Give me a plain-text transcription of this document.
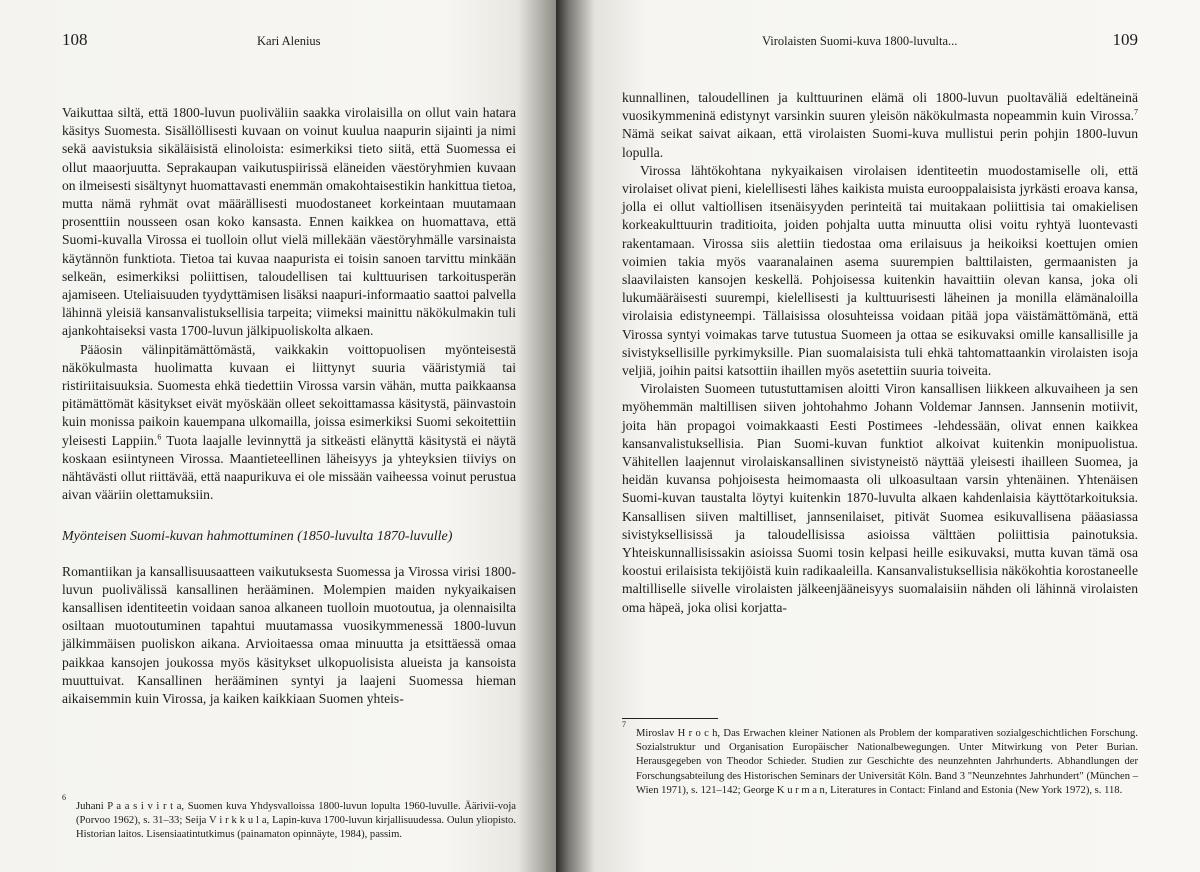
108	Kari Alenius

Vaikuttaa siltä, että 1800-luvun puoliväliin saakka virolaisilla on ollut vain hatara käsitys Suomesta. Sisällöllisesti kuvaan on voinut kuulua naapurin sijainti ja nimi sekä aavistuksia sikäläisistä elinoloista: esimerkiksi tieto siitä, että Suomessa ei ollut maaorjuutta. Seprakaupan vaikutuspiirissä eläneiden väestöryhmien kuvaan on ilmeisesti sisältynyt huomattavasti enemmän omakohtaisestikin hankittua tietoa, mutta nämä ryhmät ovat määrällisesti muodostaneet korkeintaan muutamaan prosenttiin nousseen osan koko kansasta. Ennen kaikkea on huomattava, että Suomi-kuvalla Virossa ei tuolloin ollut vielä millekään väestöryhmälle varsinaista käytännön funktiota. Tietoa tai kuvaa naapurista ei toisin sanoen tarvittu minkään selkeän, esimerkiksi poliittisen, taloudellisen tai kulttuurisen tarkoitusperän ajamiseen. Uteliaisuuden tyydyttämisen lisäksi naapuri-informaatio saattoi palvella lähinnä yleisiä kansanvalistuksellisia tarpeita; viimeksi mainittu näkökulmakin tuli ajankohtaiseksi vasta 1700-luvun jälkipuoliskolta alkaen.

Pääosin välinpitämättömästä, vaikkakin voittopuolisen myönteisestä näkökulmasta huolimatta kuvaan ei liittynyt suuria vääristymiä tai ristiriitaisuuksia. Suomesta ehkä tiedettiin Virossa varsin vähän, mutta paikkaansa pitämättömät käsitykset eivät myöskään olleet sekoittamassa käsitystä, päinvastoin kuin monissa paikoin kauempana ulkomailla, joissa esimerkiksi Suomi sekoitettiin yleisesti Lappiin.$^6$ Tuota laajalle levinnyttä ja sitkeästi elänyttä käsitystä ei näytä koskaan esiintyneen Virossa. Maantieteellinen läheisyys ja yhteyksien tiiviys on nähtävästi ollut riittävää, että naapurikuva ei ole missään vaiheessa voinut perustua aivan vääriin olettamuksiin.

Myönteisen Suomi-kuvan hahmottuminen (1850-luvulta 1870-luvulle)

Romantiikan ja kansallisuusaatteen vaikutuksesta Suomessa ja Virossa virisi 1800-luvun puolivälissä kansallinen herääminen. Molempien maiden nykyaikaisen kansallisen identiteetin voidaan sanoa alkaneen tuolloin muotoutua, ja olennaisilta osiltaan muotoutuminen tapahtui muutamassa vuosikymmenessä 1800-luvun jälkimmäisen puoliskon aikana. Arvioitaessa omaa minuutta ja etsittäessä omaa paikkaa kansojen joukossa myös käsitykset ulkopuolisista alueista ja kansoista muuttuivat. Kansallinen herääminen syntyi ja laajeni Suomessa hieman aikaisemmin kuin Virossa, ja kaiken kaikkiaan Suomen yhteis-

6
Juhani P a a s i v i r t a, Suomen kuva Yhdysvalloissa 1800-luvun lopulta 1960-luvulle. Äärivii-voja (Porvoo 1962), s. 31–33; Seija V i r k k u l a, Lapin-kuva 1700-luvun kirjallisuudessa. Oulun yliopisto. Historian laitos. Lisensiaatintutkimus (painamaton opinnäyte, 1984), passim.
Virolaisten Suomi-kuva 1800-luvulta...	109

kunnallinen, taloudellinen ja kulttuurinen elämä oli 1800-luvun puoltaväliä edeltäneinä vuosikymmeninä edistynyt varsinkin suuren yleisön näkökulmasta nopeammin kuin Virossa.$^7$ Nämä seikat saivat aikaan, että virolaisten Suomi-kuva mullistui perin pohjin 1800-luvun lopulla.

Virossa lähtökohtana nykyaikaisen virolaisen identiteetin muodostamiselle oli, että virolaiset olivat pieni, kielellisesti lähes kaikista muista eurooppalaisista jyrkästi eroava kansa, jolla ei ollut valtiollisen itsenäisyyden perinteitä tai muitakaan poliittisia tai omakielisen korkeakulttuurin traditioita, joiden pohjalta uutta minuutta olisi voitu ryhtyä luontevasti rakentamaan. Virossa siis alettiin tiedostaa oma erilaisuus ja heikoiksi koettujen omien voimien takia myös vaaranalainen asema suurempien balttilaisten, germaanisten ja slaavilaisten kansojen keskellä. Pohjoisessa kuitenkin havaittiin olevan kansa, joka oli lukumääräisesti suurempi, kielellisesti ja kulttuurisesti läheinen ja monilla elämänaloilla virolaisia edistyneempi. Tällaisissa olosuhteissa voidaan pitää jopa väistämättömänä, että Virossa syntyi voimakas tarve tutustua Suomeen ja ottaa se esikuvaksi omille kansallisille ja sivistyksellisille pyrkimyksille. Pian suomalaisista tuli ehkä tahtomattaankin virolaisten isoja veljiä, joihin paitsi katsottiin ihaillen myös asetettiin suuria toiveita.

Virolaisten Suomeen tutustuttamisen aloitti Viron kansallisen liikkeen alkuvaiheen ja sen myöhemmän maltillisen siiven johtohahmo Johann Voldemar Jannsen. Jannsenin motiivit, joita hän propagoi voimakkaasti Eesti Postimees -lehdessään, olivat ennen kaikkea kansanvalistuksellisia. Pian Suomi-kuvan funktiot alkoivat kuitenkin monipuolistua. Vähitellen laajennut virolaiskansallinen sivistyneistö näyttää yleisesti ihailleen Suomea, ja heidän kuvansa pohjoisesta heimomaasta oli ulkoasultaan varsin yhtenäinen. Yhtenäisen Suomi-kuvan taustalta löytyi kuitenkin 1870-luvulta alkaen kahdenlaisia käyttötarkoituksia. Kansallisen siiven maltilliset, jannsenilaiset, pitivät Suomea esikuvallisena pääasiassa sivistyksellisissä ja taloudellisissa asioissa välttäen poliittisia painotuksia. Yhteiskunnallisissakin asioissa Suomi tosin kelpasi heille esikuvaksi, mutta kuvan tämä osa koostui erilaisista tekijöistä kuin radikaaleilla. Kansanvalistuksellisia näkökohtia korostaneelle maltilliselle siivelle virolaisten jälkeenjääneisyys suomalaisiin nähden oli lähinnä virolaisten oma häpeä, joka olisi korjatta-

7
Miroslav H r o c h, Das Erwachen kleiner Nationen als Problem der komparativen sozialgeschichtlichen Forschung. Sozialstruktur und Organisation Europäischer Nationalbewegungen. Unter Mitwirkung von Peter Burian. Herausgegeben von Theodor Schieder. Studien zur Geschichte des neunzehnten Jahrhunderts. Abhandlungen der Forschungsabteilung des Historischen Seminars der Universität Köln. Band 3 "Neunzehntes Jahrhundert" (München – Wien 1971), s. 121–142; George K u r m a n, Literatures in Contact: Finland and Estonia (New York 1972), s. 118.
